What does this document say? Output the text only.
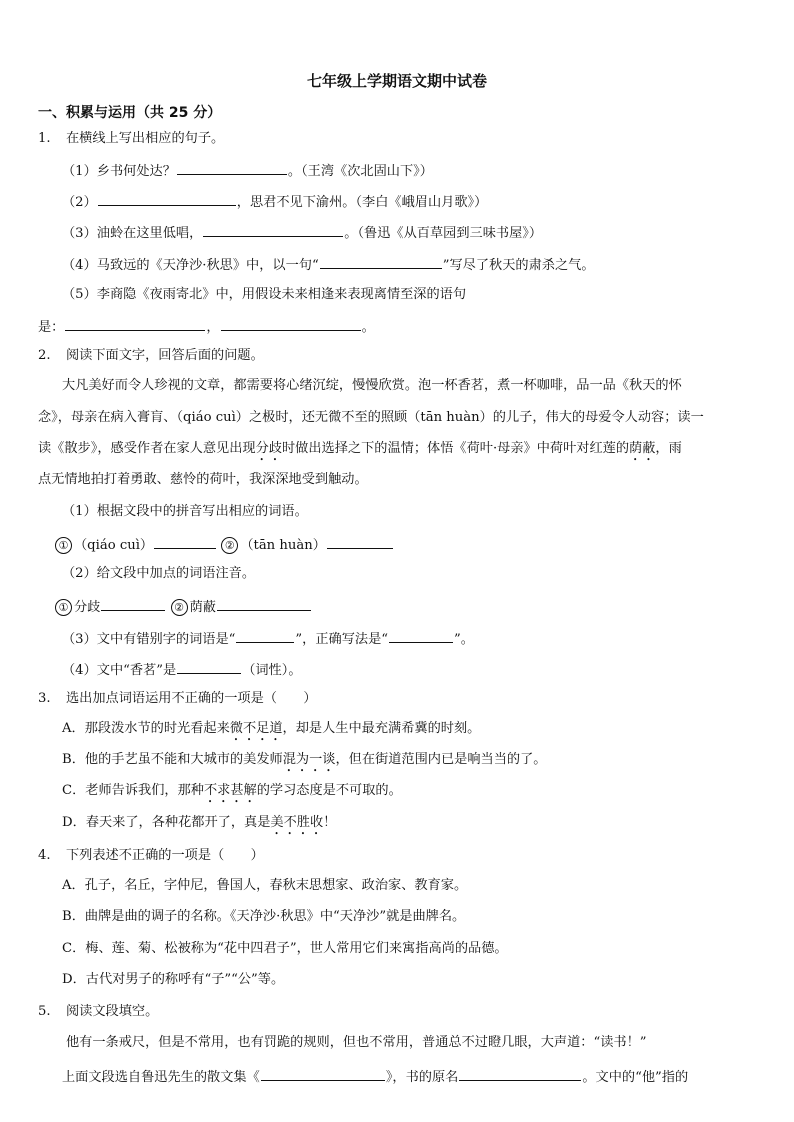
七年级上学期语文期中试卷
一、积累与运用（共 25 分）
1. 在横线上写出相应的句子。
（1）乡书何处达？	。（王湾《次北固山下》）
（2）	，思君不见下渝州。（李白《峨眉山月歌》）
（3）油蛉在这里低唱，	。（鲁迅《从百草园到三味书屋》）
（4）马致远的《天净沙·秋思》中，以一句“	”写尽了秋天的肃杀之气。
（5）李商隐《夜雨寄北》中，用假设未来相逢来表现离情至深的语句
是：	，	。
2. 阅读下面文字，回答后面的问题。
大凡美好而令人珍视的文章，都需要将心绪沉绽，慢慢欣赏。泡一杯香茗，煮一杯咖啡，品一品《秋天的怀
念》，母亲在病入膏肓、（qiáo cuì）之极时，还无微不至的照顾（tān huàn）的儿子，伟大的母爱令人动容；读一
读《散步》，感受作者在家人意见出现分歧时做出选择之下的温情；体悟《荷叶·母亲》中荷叶对红莲的荫蔽，雨
点无情地拍打着勇敢、慈怜的荷叶，我深深地受到触动。
（1）根据文段中的拼音写出相应的词语。
① （qiáo cuì）	② （tān huàn）
（2）给文段中加点的词语注音。
① 分歧	② 荫蔽
（3）文中有错别字的词语是“	”，正确写法是“	”。
（4）文中“香茗”是	（词性）。
3. 选出加点词语运用不正确的一项是（　　）
A．那段泼水节的时光看起来微不足道，却是人生中最充满希冀的时刻。
B．他的手艺虽不能和大城市的美发师混为一谈，但在街道范围内已是响当当的了。
C．老师告诉我们，那种不求甚解的学习态度是不可取的。
D．春天来了，各种花都开了，真是美不胜收！
4. 下列表述不正确的一项是（　　）
A．孔子，名丘，字仲尼，鲁国人，春秋末思想家、政治家、教育家。
B．曲牌是曲的调子的名称。《天净沙·秋思》中“天净沙”就是曲牌名。
C．梅、莲、菊、松被称为“花中四君子”，世人常用它们来寓指高尚的品德。
D．古代对男子的称呼有“子”“公”等。
5. 阅读文段填空。
他有一条戒尺，但是不常用，也有罚跪的规则，但也不常用，普通总不过瞪几眼，大声道：“读书！”
上面文段选自鲁迅先生的散文集《	》，书的原名	。文中的“他”指的
